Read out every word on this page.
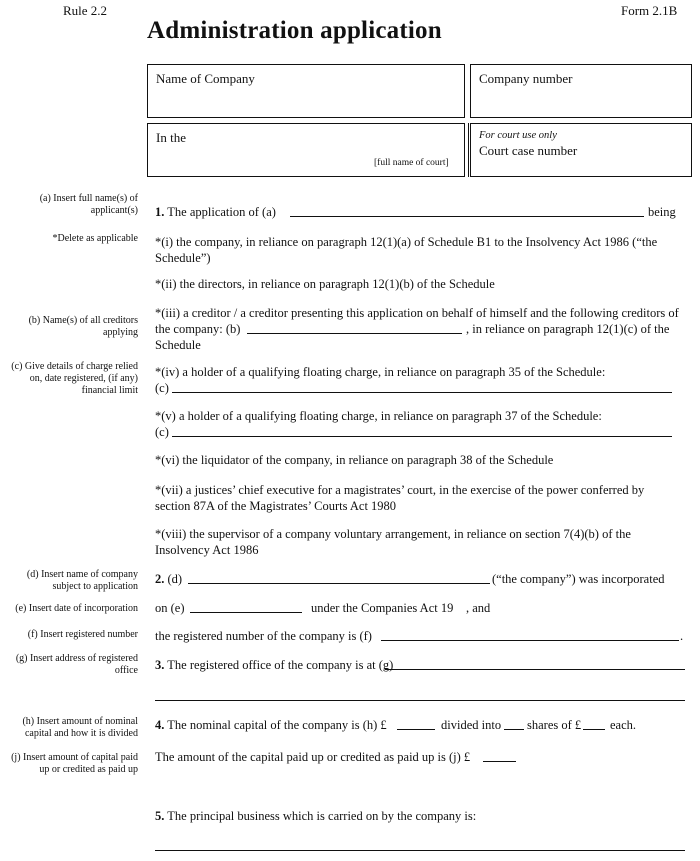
Rule 2.2	Form 2.1B
Administration application
Name of Company	Company number
In the
[full name of court]
For court use only
Court case number
(a) Insert full name(s) of applicant(s)
*Delete as applicable
(b) Name(s) of all creditors applying
(c) Give details of charge relied on, date registered, (if any) financial limit
(d) Insert name of company subject to application
(e) Insert date of incorporation
(f) Insert registered number
(g) Insert address of registered office
(h) Insert amount of nominal capital and how it is divided
(j) Insert amount of capital paid up or credited as paid up
1. The application of (a)	being
*(i) the company, in reliance on paragraph 12(1)(a) of Schedule B1 to the Insolvency Act 1986 (“the Schedule”)
*(ii) the directors, in reliance on paragraph 12(1)(b) of the Schedule
*(iii) a creditor / a creditor presenting this application on behalf of himself and the following creditors of
the company: (b)	, in reliance on paragraph 12(1)(c) of the
Schedule
*(iv) a holder of a qualifying floating charge, in reliance on paragraph 35 of the Schedule:
(c)
*(v) a holder of a qualifying floating charge, in reliance on paragraph 37 of the Schedule:
(c)
*(vi) the liquidator of the company, in reliance on paragraph 38 of the Schedule
*(vii) a justices’ chief executive for a magistrates’ court, in the exercise of the power conferred by
section 87A of the Magistrates’ Courts Act 1980
*(viii) the supervisor of a company voluntary arrangement, in reliance on section 7(4)(b) of the
Insolvency Act 1986
2. (d)	(“the company”) was incorporated
on (e)	under the Companies Act 19 , and
the registered number of the company is (f)	.
3. The registered office of the company is at (g)
4. The nominal capital of the company is (h) £	divided into shares of £ each.
The amount of the capital paid up or credited as paid up is (j) £
5. The principal business which is carried on by the company is:
